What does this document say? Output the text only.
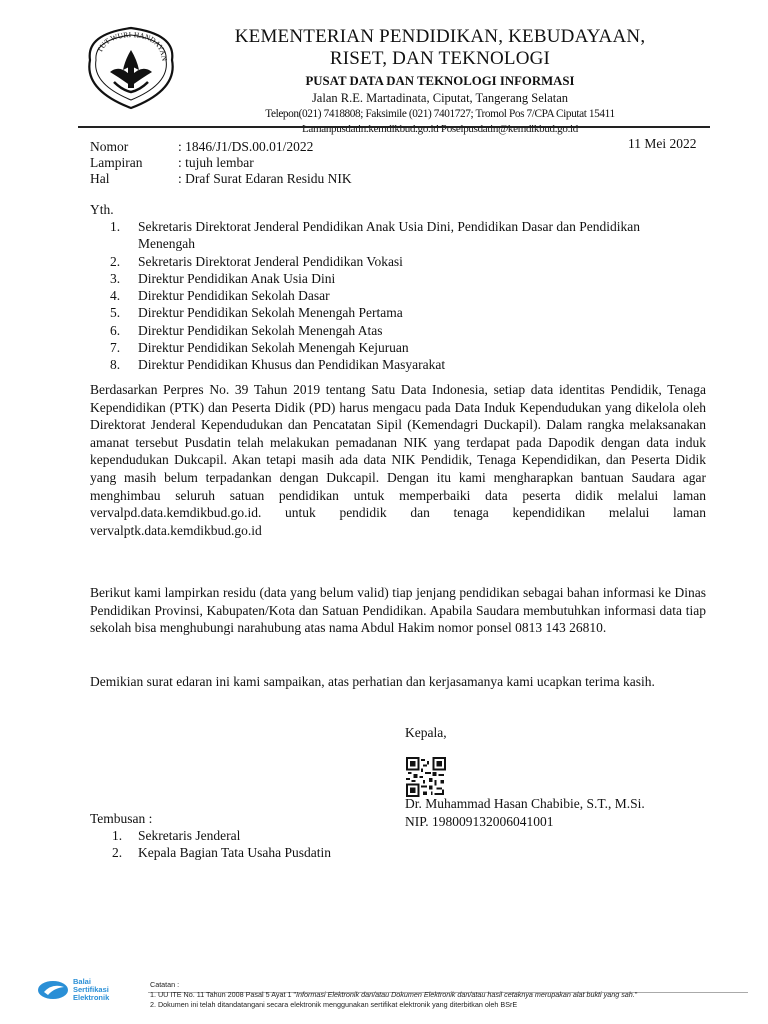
TUT WURI HANDAYAN
KEMENTERIAN PENDIDIKAN, KEBUDAYAAN,
RISET, DAN TEKNOLOGI
PUSAT DATA DAN TEKNOLOGI INFORMASI
Jalan R.E. Martadinata, Ciputat, Tangerang Selatan
Telepon(021) 7418808; Faksimile (021) 7401727; Tromol Pos 7/CPA Ciputat 15411
Lamanpusdatin.kemdikbud.go.id Poselpusdatin@kemdikbud.go.id
Nomor	: 1846/J1/DS.00.01/2022
Lampiran	: tujuh lembar
Hal	: Draf Surat Edaran Residu NIK
11 Mei 2022
Yth.
1.	Sekretaris Direktorat Jenderal Pendidikan Anak Usia Dini, Pendidikan Dasar dan Pendidikan Menengah
2.	Sekretaris Direktorat Jenderal Pendidikan Vokasi
3.	Direktur Pendidikan Anak Usia Dini
4.	Direktur Pendidikan Sekolah Dasar
5.	Direktur Pendidikan Sekolah Menengah Pertama
6.	Direktur Pendidikan Sekolah Menengah Atas
7.	Direktur Pendidikan Sekolah Menengah Kejuruan
8.	Direktur Pendidikan Khusus dan Pendidikan Masyarakat

Berdasarkan Perpres No. 39 Tahun 2019 tentang Satu Data Indonesia, setiap data identitas Pendidik, Tenaga Kependidikan (PTK) dan Peserta Didik (PD) harus mengacu pada Data Induk Kependudukan yang dikelola oleh Direktorat Jenderal Kependudukan dan Pencatatan Sipil (Kemendagri Duckapil). Dalam rangka melaksanakan amanat tersebut Pusdatin telah melakukan pemadanan NIK yang terdapat pada Dapodik dengan data induk kependudukan Dukcapil. Akan tetapi masih ada data NIK Pendidik, Tenaga Kependidikan, dan Peserta Didik yang masih belum terpadankan dengan Dukcapil. Dengan itu kami mengharapkan bantuan Saudara agar menghimbau seluruh satuan pendidikan untuk memperbaiki data peserta didik melalui laman vervalpd.data.kemdikbud.go.id. untuk pendidik dan tenaga kependidikan melalui laman vervalptk.data.kemdikbud.go.id

Berikut kami lampirkan residu (data yang belum valid) tiap jenjang pendidikan sebagai bahan informasi ke Dinas Pendidikan Provinsi, Kabupaten/Kota dan Satuan Pendidikan. Apabila Saudara membutuhkan informasi data tiap sekolah bisa menghubungi narahubung atas nama Abdul Hakim nomor ponsel 0813 143 26810.

Demikian surat edaran ini kami sampaikan, atas perhatian dan kerjasamanya kami ucapkan terima kasih.

Kepala,
Dr. Muhammad Hasan Chabibie, S.T., M.Si.
NIP. 198009132006041001
Tembusan :
1.	Sekretaris Jenderal
2.	Kepala Bagian Tata Usaha Pusdatin
Balai
Sertifikasi
Elektronik
Catatan :
1. UU ITE No. 11 Tahun 2008 Pasal 5 Ayat 1 "Informasi Elektronik dan/atau Dokumen Elektronik dan/atau hasil cetaknya merupakan alat bukti yang sah."
2. Dokumen ini telah ditandatangani secara elektronik menggunakan sertifikat elektronik yang diterbitkan oleh BSrE
